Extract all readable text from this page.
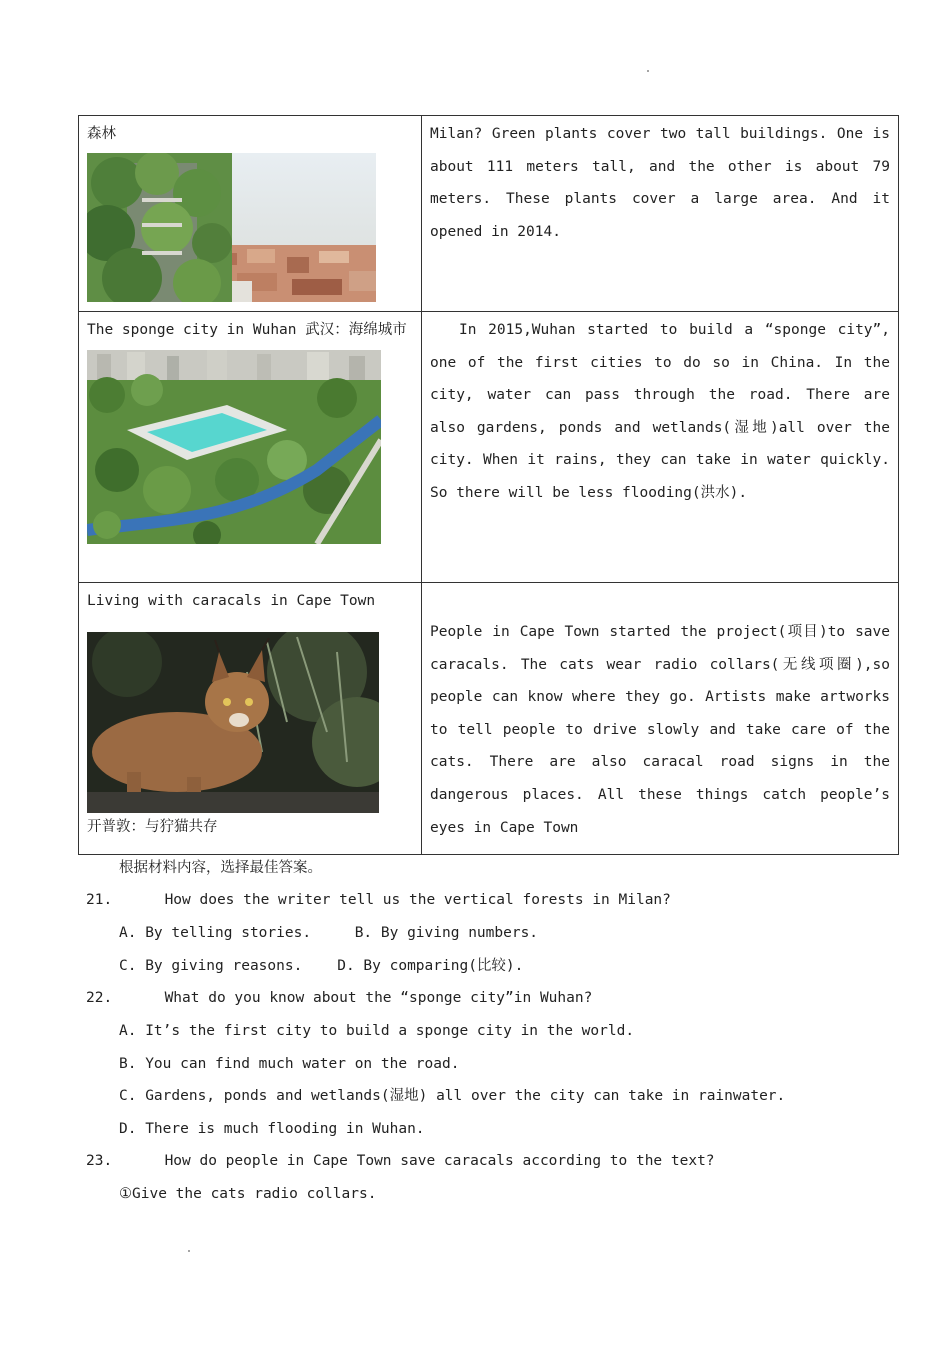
森林	Milan? Green plants cover two tall buildings. One is about 111 meters tall, and the other is about 79 meters. These plants cover a large area. And it opened in 2014.

The sponge city in Wuhan 武汉：海绵城市	In 2015,Wuhan started to build a “sponge city”, one of the first cities to do so in China. In the city, water can pass through the road. There are also gardens, ponds and wetlands(湿地)all over the city. When it rains, they can take in water quickly. So there will be less flooding(洪水).

Living with caracals in Cape Town
开普敦：与狞猫共存	People in Cape Town started the project(项目)to save caracals. The cats wear radio collars(无线项圈),so people can know where they go. Artists make artworks to tell people to drive slowly and take care of the cats. There are also caracal road signs in the dangerous places. All these things catch people’s eyes in Cape Town
根据材料内容，选择最佳答案。
21.      How does the writer tell us the vertical forests in Milan?
A. By telling stories.     B. By giving numbers.
C. By giving reasons.    D. By comparing(比较).
22.      What do you know about the “sponge city”in Wuhan?
A. It’s the first city to build a sponge city in the world.
B. You can find much water on the road.
C. Gardens, ponds and wetlands(湿地) all over the city can take in rainwater.
D. There is much flooding in Wuhan.
23.      How do people in Cape Town save caracals according to the text?
①Give the cats radio collars.
